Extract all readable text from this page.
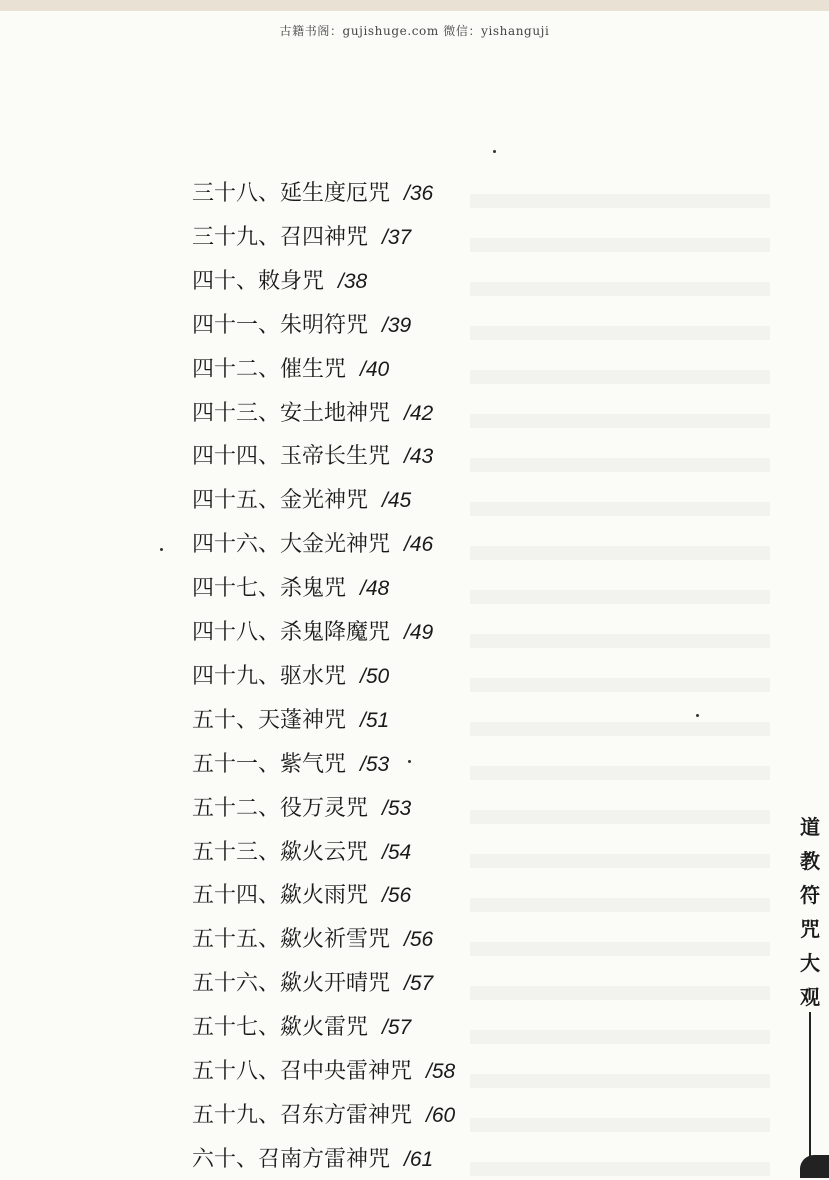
古籍书阁：gujishuge.com 微信：yishanguji
三十八、延生度厄咒 /36
三十九、召四神咒 /37
四十、敕身咒 /38
四十一、朱明符咒 /39
四十二、催生咒 /40
四十三、安土地神咒 /42
四十四、玉帝长生咒 /43
四十五、金光神咒 /45
四十六、大金光神咒 /46
四十七、杀鬼咒 /48
四十八、杀鬼降魔咒 /49
四十九、驱水咒 /50
五十、天蓬神咒 /51
五十一、紫气咒 /53
五十二、役万灵咒 /53
五十三、歘火云咒 /54
五十四、歘火雨咒 /56
五十五、歘火祈雪咒 /56
五十六、歘火开晴咒 /57
五十七、歘火雷咒 /57
五十八、召中央雷神咒 /58
五十九、召东方雷神咒 /60
六十、召南方雷神咒 /61
道
教
符
咒
大
观
